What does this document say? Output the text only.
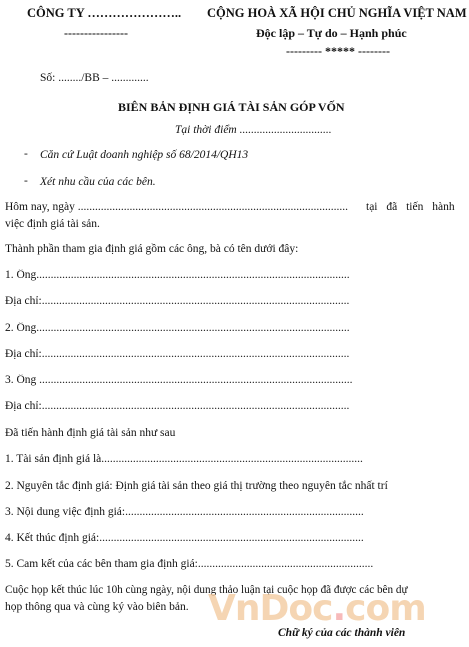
CÔNG TY …………………..
----------------
CỘNG HOÀ XÃ HỘI CHỦ NGHĨA VIỆT NAM
Độc lập – Tự do – Hạnh phúc
--------- ***** --------
Số: ......../BB – .............
BIÊN BẢN ĐỊNH GIÁ TÀI SẢN GÓP VỐN
Tại thời điểm ................................
- Căn cứ Luật doanh nghiệp số 68/2014/QH13
- Xét nhu cầu của các bên.
Hôm nay, ngày .............................................................................................. tại đã tiến hành
việc định giá tài sản.
Thành phần tham gia định giá gồm các ông, bà có tên dưới đây:
1. Ông.............................................................................................................
Địa chỉ:...........................................................................................................
2. Ông.............................................................................................................
Địa chỉ:...........................................................................................................
3. Ông .............................................................................................................
Địa chỉ:...........................................................................................................
Đã tiến hành định giá tài sản như sau
1. Tài sản định giá là...........................................................................................
2. Nguyên tắc định giá: Định giá tài sản theo giá thị trường theo nguyên tắc nhất trí
3. Nội dung việc định giá:...................................................................................
4. Kết thúc định giá:............................................................................................
5. Cam kết của các bên tham gia định giá:.............................................................
Cuộc họp kết thúc lúc 10h cùng ngày, nội dung thảo luận tại cuộc họp đã được các bên dự
họp thông qua và cùng ký vào biên bản. VnDoc.com
Chữ ký của các thành viên
